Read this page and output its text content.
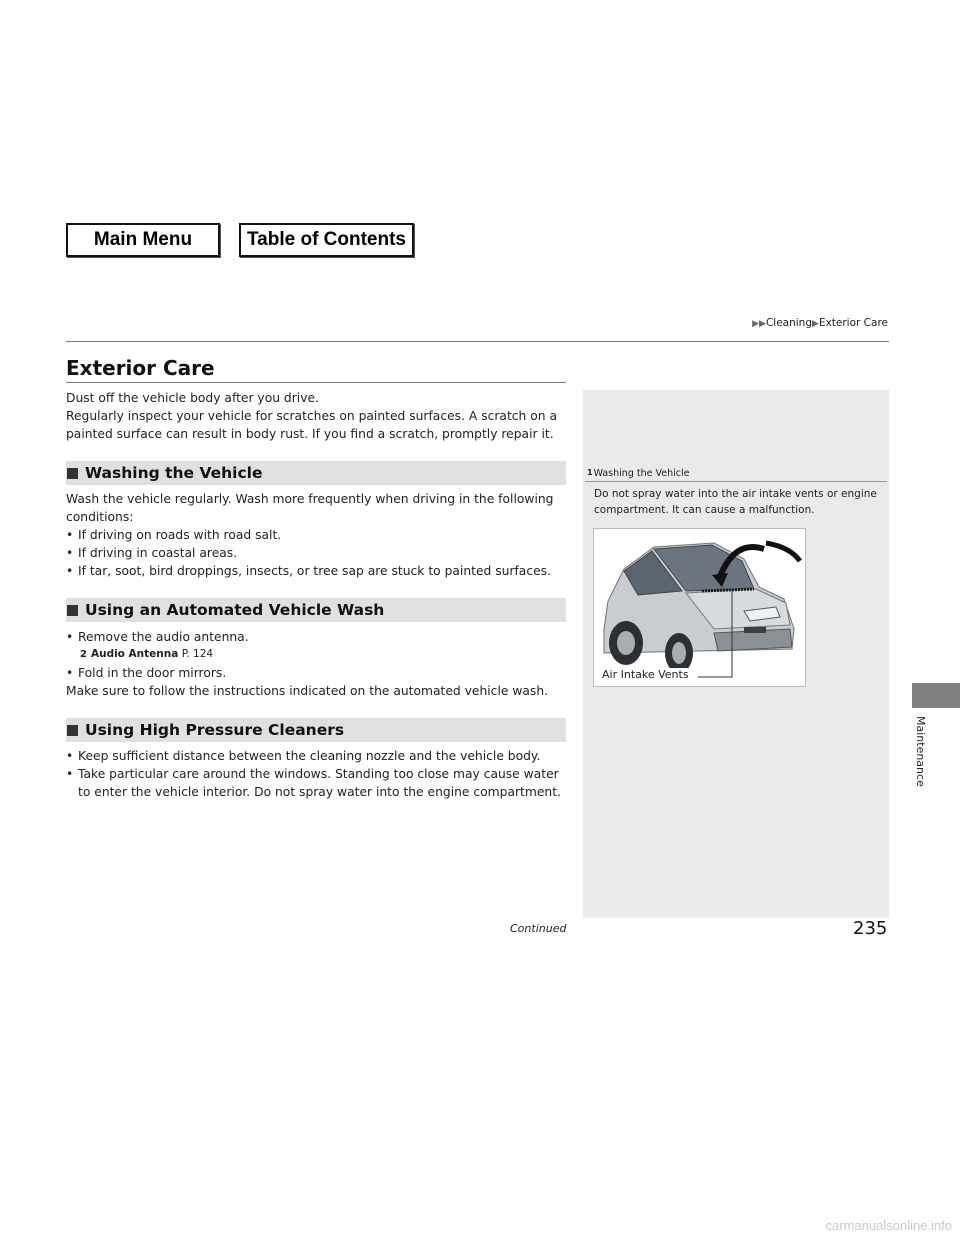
Main Menu	Table of Contents
▶▶Cleaning▶Exterior Care
Exterior Care

Dust off the vehicle body after you drive.

Regularly inspect your vehicle for scratches on painted surfaces. A scratch on a painted surface can result in body rust. If you find a scratch, promptly repair it.

Washing the Vehicle

Wash the vehicle regularly. Wash more frequently when driving in the following conditions:

• If driving on roads with road salt.
• If driving in coastal areas.
• If tar, soot, bird droppings, insects, or tree sap are stuck to painted surfaces.
Using an Automated Vehicle Wash
• Remove the audio antenna.
2 Audio Antenna P. 124
• Fold in the door mirrors.

Make sure to follow the instructions indicated on the automated vehicle wash.

Using High Pressure Cleaners
• Keep sufficient distance between the cleaning nozzle and the vehicle body.
• Take particular care around the windows. Standing too close may cause water to enter the vehicle interior. Do not spray water into the engine compartment.
1Washing the Vehicle

Do not spray water into the air intake vents or engine compartment. It can cause a malfunction.

Air Intake Vents
Continued	235
Maintenance
carmanualsonline.info
